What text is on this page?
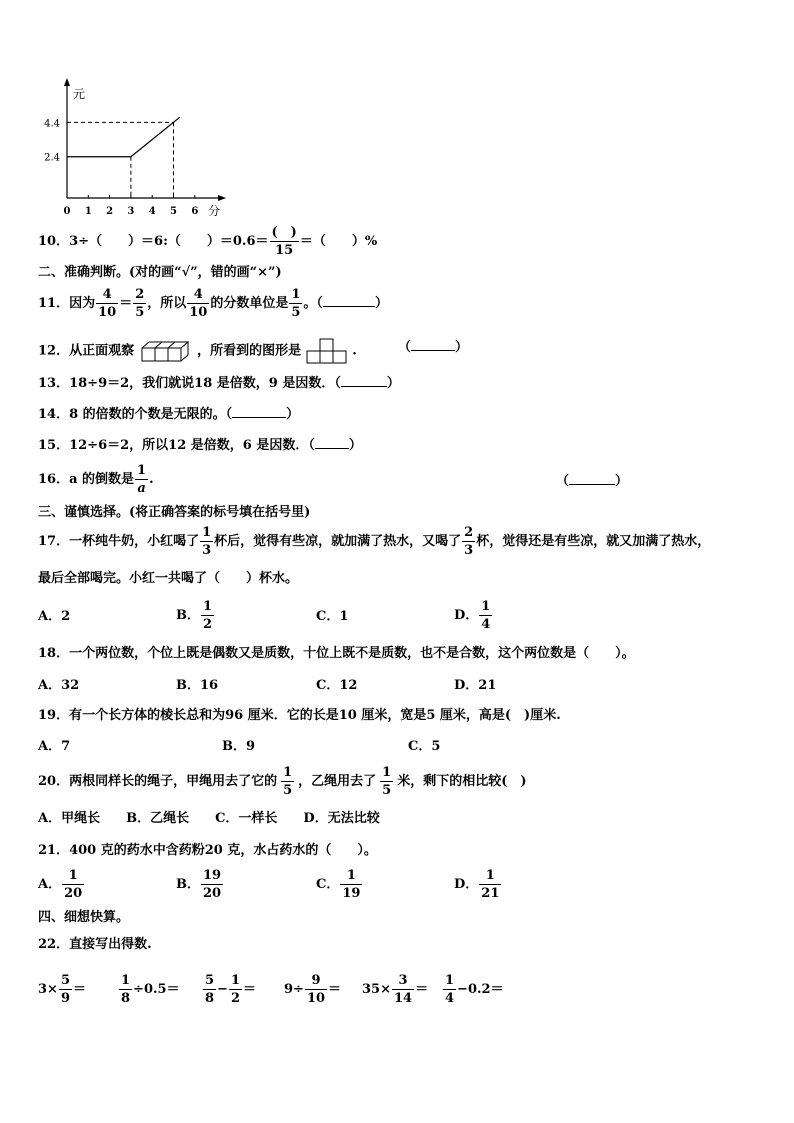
元
0 1 2 3 4 5 6 分
2.4
4.4
10．3÷（　　）＝6:（　　）$=0.6= \frac{( )}{15}$ ＝（　　）%
二、准确判断。(对的画“√”，错的画“×”)
11．因为 $\frac{4}{10} = \frac{2}{5}$ ，所以 $\frac{4}{10}$ 的分数单位是 $\frac{1}{5}$ 。（	）
12．从正面观察	，所看到的图形是	.	（	）
13．18÷9＝2，我们就说18 是倍数，9 是因数．（	）
14．8 的倍数的个数是无限的。（	）
15．12÷6＝2，所以12 是倍数，6 是因数．（	）
16．a 的倒数是 $\frac{1}{a}$ .	（	）
三、谨慎选择。(将正确答案的标号填在括号里)
17．一杯纯牛奶，小红喝了 $\frac{1}{3}$ 杯后，觉得有些凉，就加满了热水，又喝了 $\frac{2}{3}$ 杯，觉得还是有些凉，就又加满了热水，
最后全部喝完。小红一共喝了（　　）杯水。
A．2	B． $\frac{1}{2}$	C．1	D． $\frac{1}{4}$
18．一个两位数，个位上既是偶数又是质数，十位上既不是质数，也不是合数，这个两位数是（　　）。
A．32	B．16	C．12	D．21
19．有一个长方体的棱长总和为96 厘米．它的长是10 厘米，宽是5 厘米，高是(　)厘米.
A．7	B．9	C．5
20．两根同样长的绳子，甲绳用去了它的 $\frac{1}{5}$ ，乙绳用去了 $\frac{1}{5}$ 米，剩下的相比较(　)
A．甲绳长　　B．乙绳长　　C．一样长　　D．无法比较
21．400 克的药水中含药粉20 克，水占药水的（　　）。
A． $\frac{1}{20}$	B． $\frac{19}{20}$	C． $\frac{1}{19}$	D． $\frac{1}{21}$
四、细想快算。
22．直接写出得数.
$3\times \frac{5}{9}$ ＝	$\frac{1}{8} \div 0.5= \frac{5}{8} - \frac{1}{2} = 9\div \frac{9}{10} = 35\times \frac{3}{14} = \frac{1}{4} -0.2=$
